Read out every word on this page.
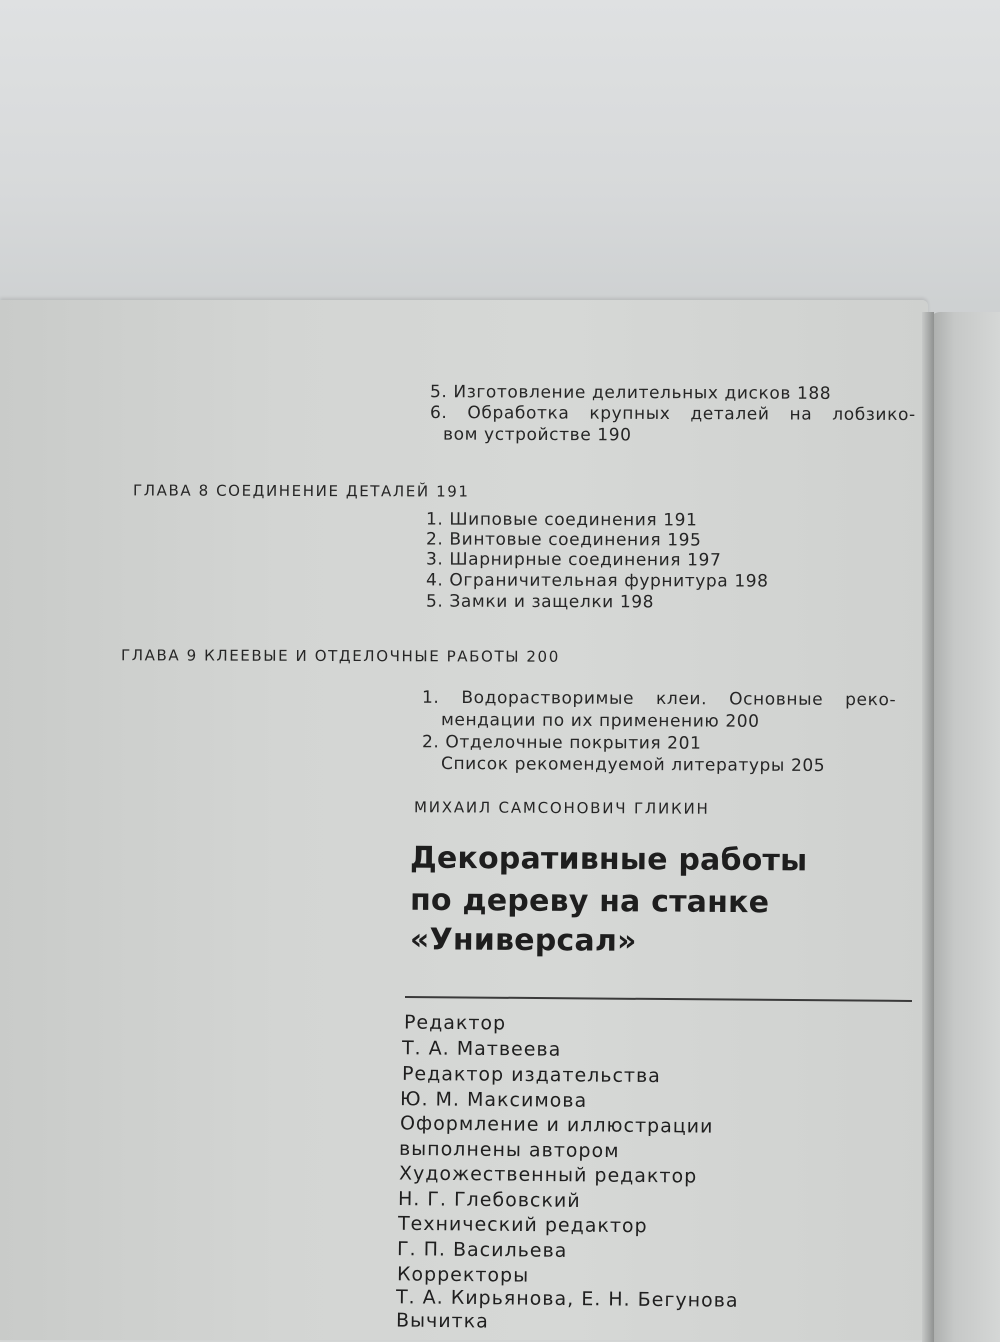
5. Изготовление делительных дисков 188
6. Обработка крупных деталей на лобзико-
вом устройстве 190
ГЛАВА 8 СОЕДИНЕНИЕ ДЕТАЛЕЙ 191
1. Шиповые соединения 191
2. Винтовые соединения 195
3. Шарнирные соединения 197
4. Ограничительная фурнитура 198
5. Замки и защелки 198
ГЛАВА 9 КЛЕЕВЫЕ И ОТДЕЛОЧНЫЕ РАБОТЫ 200
1. Водорастворимые клеи. Основные реко-
мендации по их применению 200
2. Отделочные покрытия 201
Список рекомендуемой литературы 205
МИХАИЛ САМСОНОВИЧ ГЛИКИН
Декоративные работы
по дереву на станке
«Универсал»
Редактор
Т. А. Матвеева
Редактор издательства
Ю. М. Максимова
Оформление и иллюстрации
выполнены автором
Художественный редактор
Н. Г. Глебовский
Технический редактор
Г. П. Васильева
Корректоры
Т. А. Кирьянова, Е. Н. Бегунова
Вычитка
